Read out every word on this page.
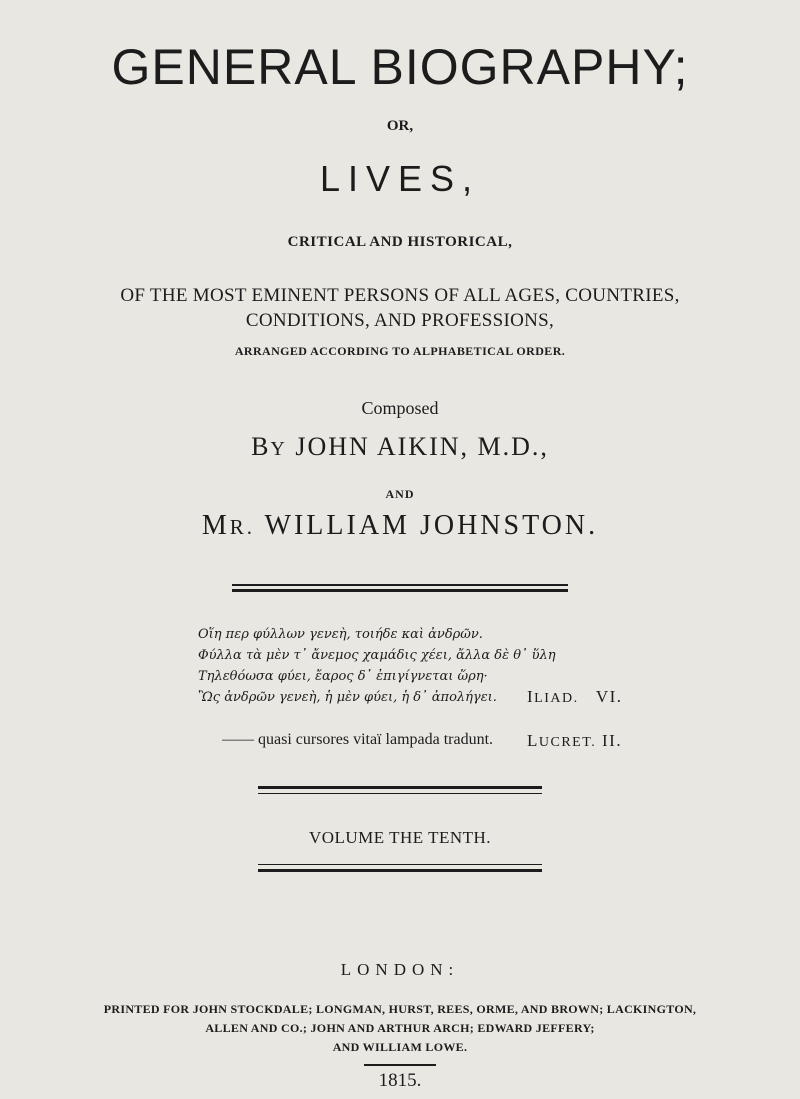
GENERAL BIOGRAPHY;
OR,
LIVES,
CRITICAL AND HISTORICAL,
OF THE MOST EMINENT PERSONS OF ALL AGES, COUNTRIES,
CONDITIONS, AND PROFESSIONS,
ARRANGED ACCORDING TO ALPHABETICAL ORDER.
Composed
BY JOHN AIKIN, M.D.,
AND
MR. WILLIAM JOHNSTON.
Οἵη περ φύλλων γενεὴ, τοιήδε καὶ ἀνδρῶν.
Φύλλα τὰ μὲν τ᾽ ἄνεμος χαμάδις χέει, ἄλλα δὲ θ᾽ ὕλη
Τηλεθόωσα φύει, ἔαρος δ᾽ ἐπιγίγνεται ὥρη·
Ὣς ἀνδρῶν γενεὴ, ἡ μὲν φύει, ἡ δ᾽ ἀπολήγει.	ILIAD. VI.
—— quasi cursores vitaï lampada tradunt. LUCRET. II.
VOLUME THE TENTH.
LONDON:
PRINTED FOR JOHN STOCKDALE; LONGMAN, HURST, REES, ORME, AND BROWN; LACKINGTON,
ALLEN AND CO.; JOHN AND ARTHUR ARCH; EDWARD JEFFERY;
AND WILLIAM LOWE.
1815.
